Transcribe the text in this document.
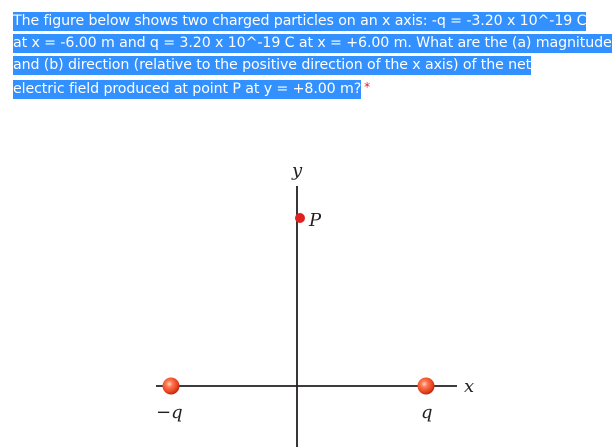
The figure below shows two charged particles on an x axis: -q = -3.20 x 10^-19 C
at x = -6.00 m and q = 3.20 x 10^-19 C at x = +6.00 m. What are the (a) magnitude
and (b) direction (relative to the positive direction of the x axis) of the net
electric field produced at point P at y = +8.00 m? *
y
x
P
−q	q
